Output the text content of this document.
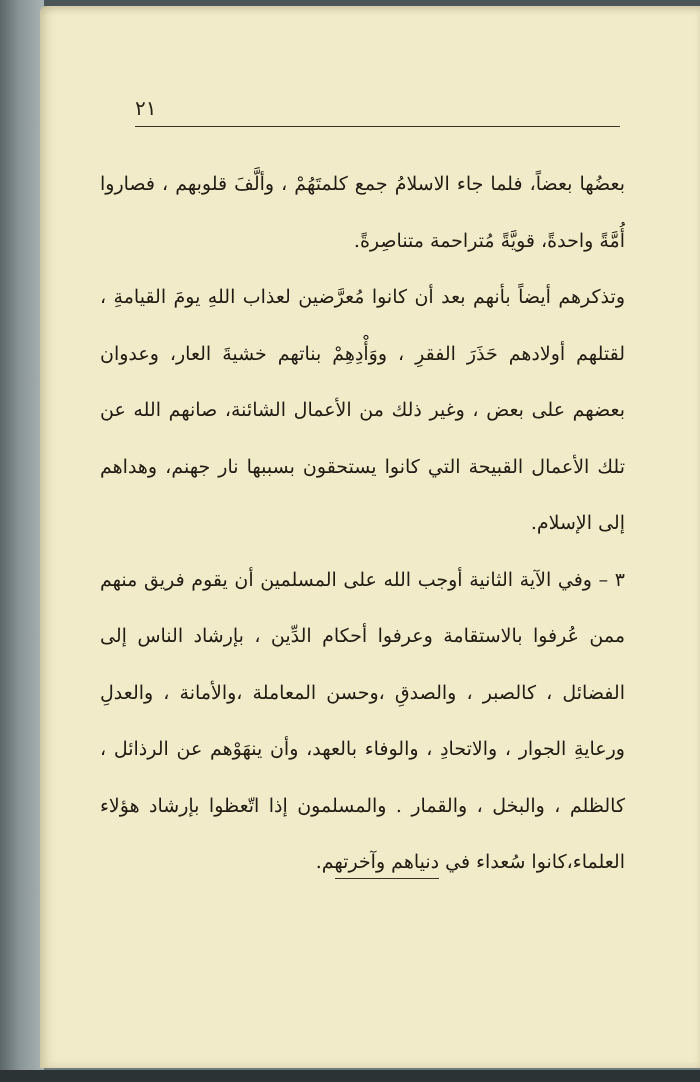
٢١

بعضُها بعضاً، فلما جاء الاسلامُ جمع كلمتَهُمْ ، وألَّفَ قلوبهم ، فصاروا أُمَّةً واحدةً، قويَّةً مُتراحمة متناصِرةً.

وتذكرهم أيضاً بأنهم بعد أن كانوا مُعرَّضين لعذاب اللهِ يومَ القيامةِ ، لقتلهم أولادهم حَذَرَ الفقرِ ، ووَأْدِهِمْ بناتهم خشيةَ العار، وعدوان بعضهم على بعض ، وغير ذلك من الأعمال الشائنة، صانهم الله عن تلك الأعمال القبيحة التي كانوا يستحقون بسببها نار جهنم، وهداهم إلى الإسلام.

٣ – وفي الآية الثانية أوجب الله على المسلمين أن يقوم فريق منهم ممن عُرفوا بالاستقامة وعرفوا أحكام الدِّين ، بإرشاد الناس إلى الفضائل ، كالصبر ، والصدقِ ،وحسن المعاملة ،والأمانة ، والعدلِ ورعايةِ الجوار ، والاتحادِ ، والوفاء بالعهد، وأن ينهَوْهم عن الرذائل ، كالظلم ، والبخل ، والقمار . والمسلمون إذا اتّعظوا بإرشاد هؤلاء العلماء،كانوا سُعداء في دنياهم وآخرتهم.
